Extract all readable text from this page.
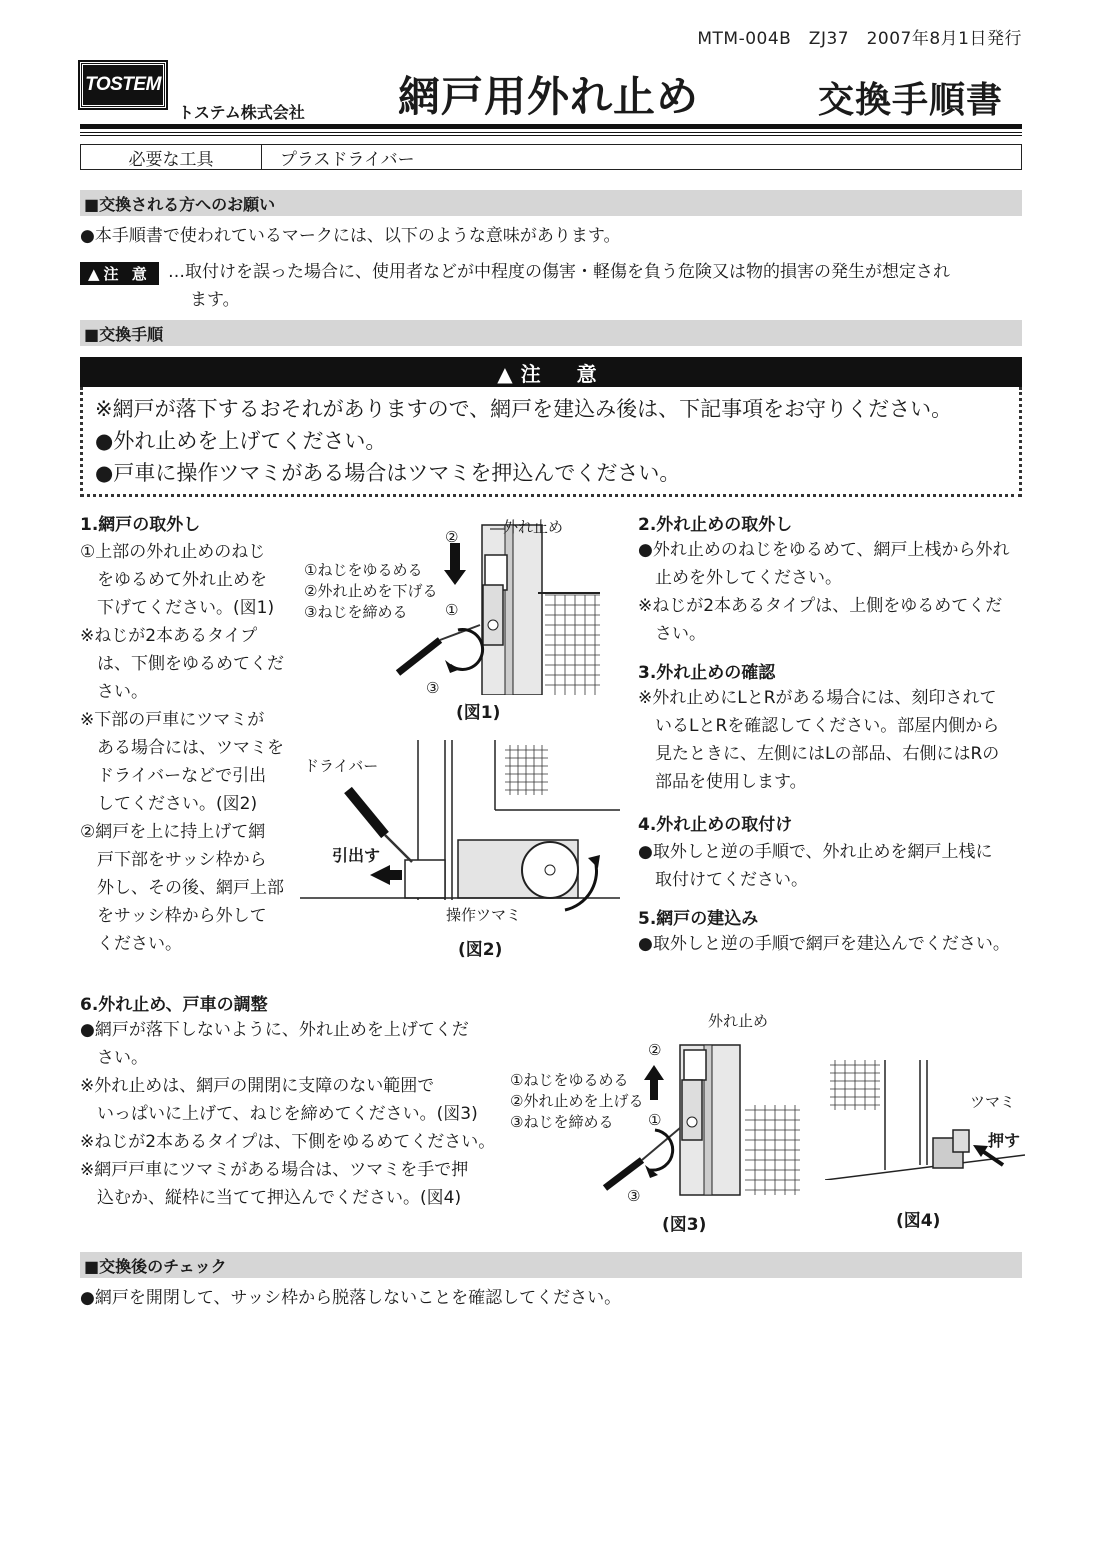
MTM-004B　ZJ37　2007年8月1日発行
TOSTEM
トステム株式会社 網戸用外れ止め	交換手順書
必要な工具	プラスドライバー
■交換される方へのお願い
●本手順書で使われているマークには、以下のような意味があります。
▲注 意	…取付けを誤った場合に、使用者などが中程度の傷害・軽傷を負う危険又は物的損害の発生が想定され
ます。
■交換手順
▲注　意
※網戸が落下するおそれがありますので、網戸を建込み後は、下記事項をお守りください。
●外れ止めを上げてください。
●戸車に操作ツマミがある場合はツマミを押込んでください。
1.網戸の取外し
①上部の外れ止めのねじ
　をゆるめて外れ止めを
　下げてください。(図1)
※ねじが2本あるタイプ
　は、下側をゆるめてくだ
　さい。
※下部の戸車にツマミが
　ある場合には、ツマミを
　ドライバーなどで引出
　してください。(図2)
②網戸を上に持上げて網
　戸下部をサッシ枠から
　外し、その後、網戸上部
　をサッシ枠から外して
　ください。
外れ止め
②
①
③
①ねじをゆるめる
②外れ止めを下げる
③ねじを締める
(図1)
ドライバー
引出す
操作ツマミ
(図2)
2.外れ止めの取外し
●外れ止めのねじをゆるめて、網戸上桟から外れ
　止めを外してください。
※ねじが2本あるタイプは、上側をゆるめてくだ
　さい。
3.外れ止めの確認
※外れ止めにLとRがある場合には、刻印されて
　いるLとRを確認してください。部屋内側から
　見たときに、左側にはLの部品、右側にはRの
　部品を使用します。
4.外れ止めの取付け
●取外しと逆の手順で、外れ止めを網戸上桟に
　取付けてください。
5.網戸の建込み
●取外しと逆の手順で網戸を建込んでください。
6.外れ止め、戸車の調整
●網戸が落下しないように、外れ止めを上げてくだ
　さい。
※外れ止めは、網戸の開閉に支障のない範囲で
　いっぱいに上げて、ねじを締めてください。(図3)
※ねじが2本あるタイプは、下側をゆるめてください。
※網戸戸車にツマミがある場合は、ツマミを手で押
　込むか、縦枠に当てて押込んでください。(図4)
外れ止め
②
①
③
①ねじをゆるめる
②外れ止めを上げる
③ねじを締める
(図3)
ツマミ
押す
(図4)
■交換後のチェック
●網戸を開閉して、サッシ枠から脱落しないことを確認してください。
